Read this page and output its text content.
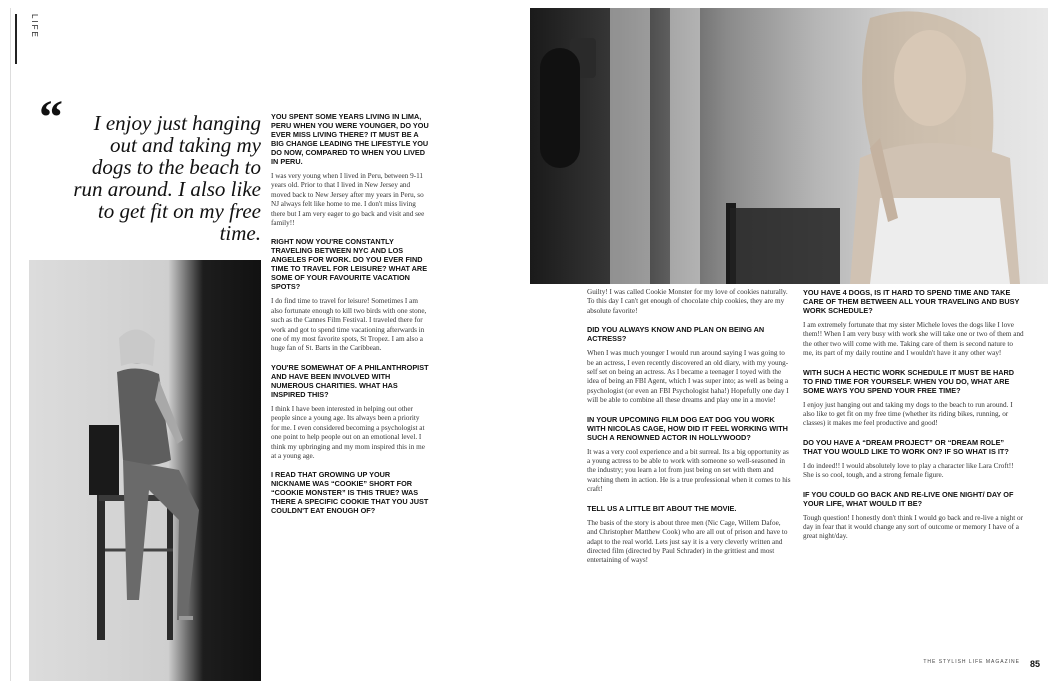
LIFE
“	I enjoy just hanging out and taking my dogs to the beach to run around. I also like to get fit on my free time.

YOU SPENT SOME YEARS LIVING IN LIMA, PERU WHEN YOU WERE YOUNGER, DO YOU EVER MISS LIVING THERE? IT MUST BE A BIG CHANGE LEADING THE LIFESTYLE YOU DO NOW, COMPARED TO WHEN YOU LIVED IN PERU.

I was very young when I lived in Peru, between 9-11 years old. Prior to that I lived in New Jersey and moved back to New Jersey after my years in Peru, so NJ always felt like home to me. I don't miss living there but I am very eager to go back and visit and see family!!

RIGHT NOW YOU'RE CONSTANTLY TRAVELING BETWEEN NYC AND LOS ANGELES FOR WORK. DO YOU EVER FIND TIME TO TRAVEL FOR LEISURE? WHAT ARE SOME OF YOUR FAVOURITE VACATION SPOTS?

I do find time to travel for leisure! Sometimes I am also fortunate enough to kill two birds with one stone, such as the Cannes Film Festival. I traveled there for work and got to spend time vacationing afterwards in one of my most favorite spots, St Tropez. I am also a huge fan of St. Barts in the Caribbean.

YOU'RE SOMEWHAT OF A PHILANTHROPIST AND HAVE BEEN INVOLVED WITH NUMEROUS CHARITIES. WHAT HAS INSPIRED THIS?

I think I have been interested in helping out other people since a young age. Its always been a priority for me. I even considered becoming a psychologist at one point to help people out on an emotional level. I think my upbringing and my mom inspired this in me at a young age.

I READ THAT GROWING UP YOUR NICKNAME WAS “COOKIE” SHORT FOR “COOKIE MONSTER” IS THIS TRUE? WAS THERE A SPECIFIC COOKIE THAT YOU JUST COULDN'T EAT ENOUGH OF?

Guilty! I was called Cookie Monster for my love of cookies naturally. To this day I can't get enough of chocolate chip cookies, they are my absolute favorite!

DID YOU ALWAYS KNOW AND PLAN ON BEING AN ACTRESS?

When I was much younger I would run around saying I was going to be an actress, I even recently discovered an old diary, with my young-self set on being an actress. As I became a teenager I toyed with the idea of being an FBI Agent, which I was super into; as well as being a psychologist (or even an FBI Psychologist haha!) Hopefully one day I will be able to combine all these dreams and play one in a movie!

IN YOUR UPCOMING FILM DOG EAT DOG YOU WORK WITH NICOLAS CAGE, HOW DID IT FEEL WORKING WITH SUCH A RENOWNED ACTOR IN HOLLYWOOD?

It was a very cool experience and a bit surreal. Its a big opportunity as a young actress to be able to work with someone so well-seasoned in the industry; you learn a lot from just being on set with them and watching them in action. He is a true professional when it comes to his craft!

TELL US A LITTLE BIT ABOUT THE MOVIE.

The basis of the story is about three men (Nic Cage, Willem Dafoe, and Christopher Matthew Cook) who are all out of prison and have to adapt to the real world. Lets just say it is a very cleverly written and directed film (directed by Paul Schrader) in the grittiest and most entertaining of ways!

YOU HAVE 4 DOGS, IS IT HARD TO SPEND TIME AND TAKE CARE OF THEM BETWEEN ALL YOUR TRAVELING AND BUSY WORK SCHEDULE?

I am extremely fortunate that my sister Michele loves the dogs like I love them!! When I am very busy with work she will take one or two of them and the other two will come with me. Taking care of them is second nature to me, its part of my daily routine and I wouldn't have it any other way!

WITH SUCH A HECTIC WORK SCHEDULE IT MUST BE HARD TO FIND TIME FOR YOURSELF. WHEN YOU DO, WHAT ARE SOME WAYS YOU SPEND YOUR FREE TIME?

I enjoy just hanging out and taking my dogs to the beach to run around. I also like to get fit on my free time (whether its riding bikes, running, or classes) it makes me feel productive and good!

DO YOU HAVE A “DREAM PROJECT” OR “DREAM ROLE” THAT YOU WOULD LIKE TO WORK ON? IF SO WHAT IS IT?

I do indeed!! I would absolutely love to play a character like Lara Croft!! She is so cool, tough, and a strong female figure.

IF YOU COULD GO BACK AND RE-LIVE ONE NIGHT/ DAY OF YOUR LIFE, WHAT WOULD IT BE?

Tough question! I honestly don't think I would go back and re-live a night or day in fear that it would change any sort of outcome or memory I have of a great night/day.

THE STYLISH LIFE MAGAZINE 85
